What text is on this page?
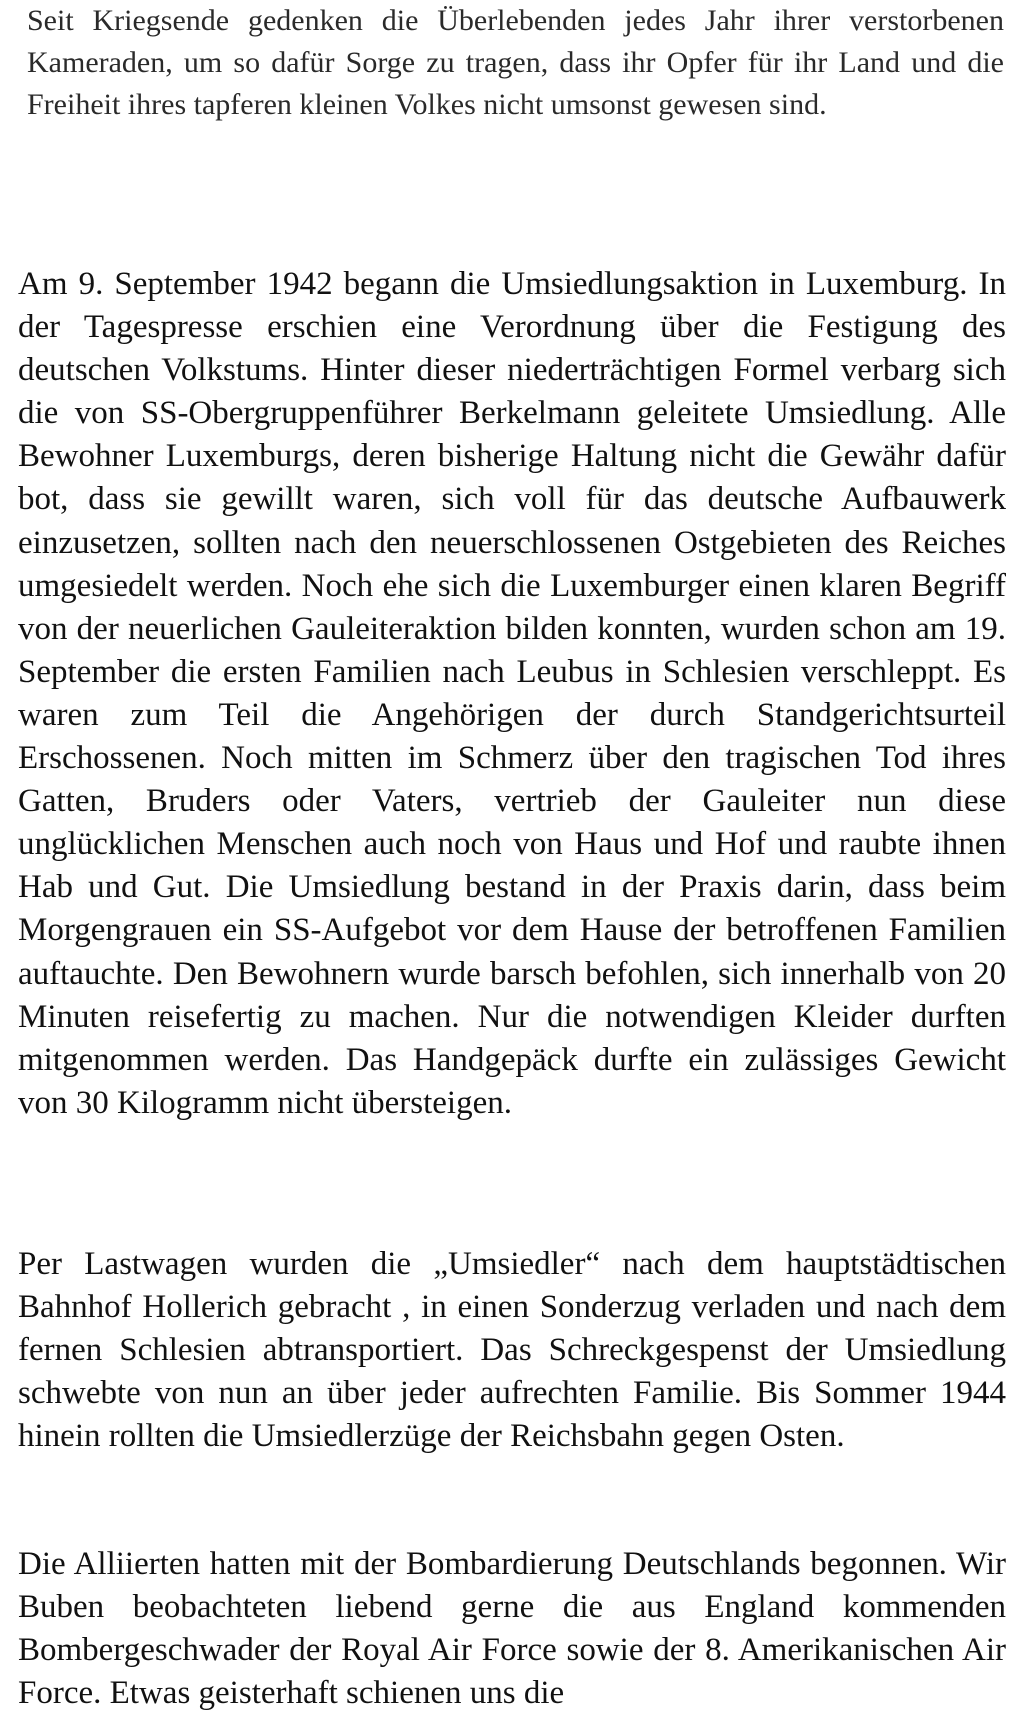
Seit Kriegsende gedenken die Überlebenden jedes Jahr ihrer verstorbenen Kameraden, um so dafür Sorge zu tragen, dass ihr Opfer für ihr Land und die Freiheit ihres tapferen kleinen Volkes nicht umsonst gewesen sind.

Am 9. September 1942 begann die Umsiedlungsaktion in Luxemburg. In der Tagespresse erschien eine Verordnung über die Festigung des deutschen Volkstums. Hinter dieser niederträchtigen Formel verbarg sich die von SS-Obergruppenführer Berkelmann geleitete Umsiedlung. Alle Bewohner Luxemburgs, deren bisherige Haltung nicht die Gewähr dafür bot, dass sie gewillt waren, sich voll für das deutsche Aufbauwerk einzusetzen, sollten nach den neuerschlossenen Ostgebieten des Reiches umgesiedelt werden. Noch ehe sich die Luxemburger einen klaren Begriff von der neuerlichen Gauleiteraktion bilden konnten, wurden schon am 19. September die ersten Familien nach Leubus in Schlesien verschleppt. Es waren zum Teil die Angehörigen der durch Standgerichtsurteil Erschossenen. Noch mitten im Schmerz über den tragischen Tod ihres Gatten, Bruders oder Vaters, vertrieb der Gauleiter nun diese unglücklichen Menschen auch noch von Haus und Hof und raubte ihnen Hab und Gut. Die Umsiedlung bestand in der Praxis darin, dass beim Morgengrauen ein SS-Aufgebot vor dem Hause der betroffenen Familien auftauchte. Den Bewohnern wurde barsch befohlen, sich innerhalb von 20 Minuten reisefertig zu machen. Nur die notwendigen Kleider durften mitgenommen werden. Das Handgepäck durfte ein zulässiges Gewicht von 30 Kilogramm nicht übersteigen.

Per Lastwagen wurden die „Umsiedler“ nach dem hauptstädtischen Bahnhof Hollerich gebracht , in einen Sonderzug verladen und nach dem fernen Schlesien abtransportiert. Das Schreckgespenst der Umsiedlung schwebte von nun an über jeder aufrechten Familie. Bis Sommer 1944 hinein rollten die Umsiedlerzüge der Reichsbahn gegen Osten.

Die Alliierten hatten mit der Bombardierung Deutschlands begonnen. Wir Buben beobachteten liebend gerne die aus England kommenden Bombergeschwader der Royal Air Force sowie der 8. Amerikanischen Air Force. Etwas geisterhaft schienen uns die
